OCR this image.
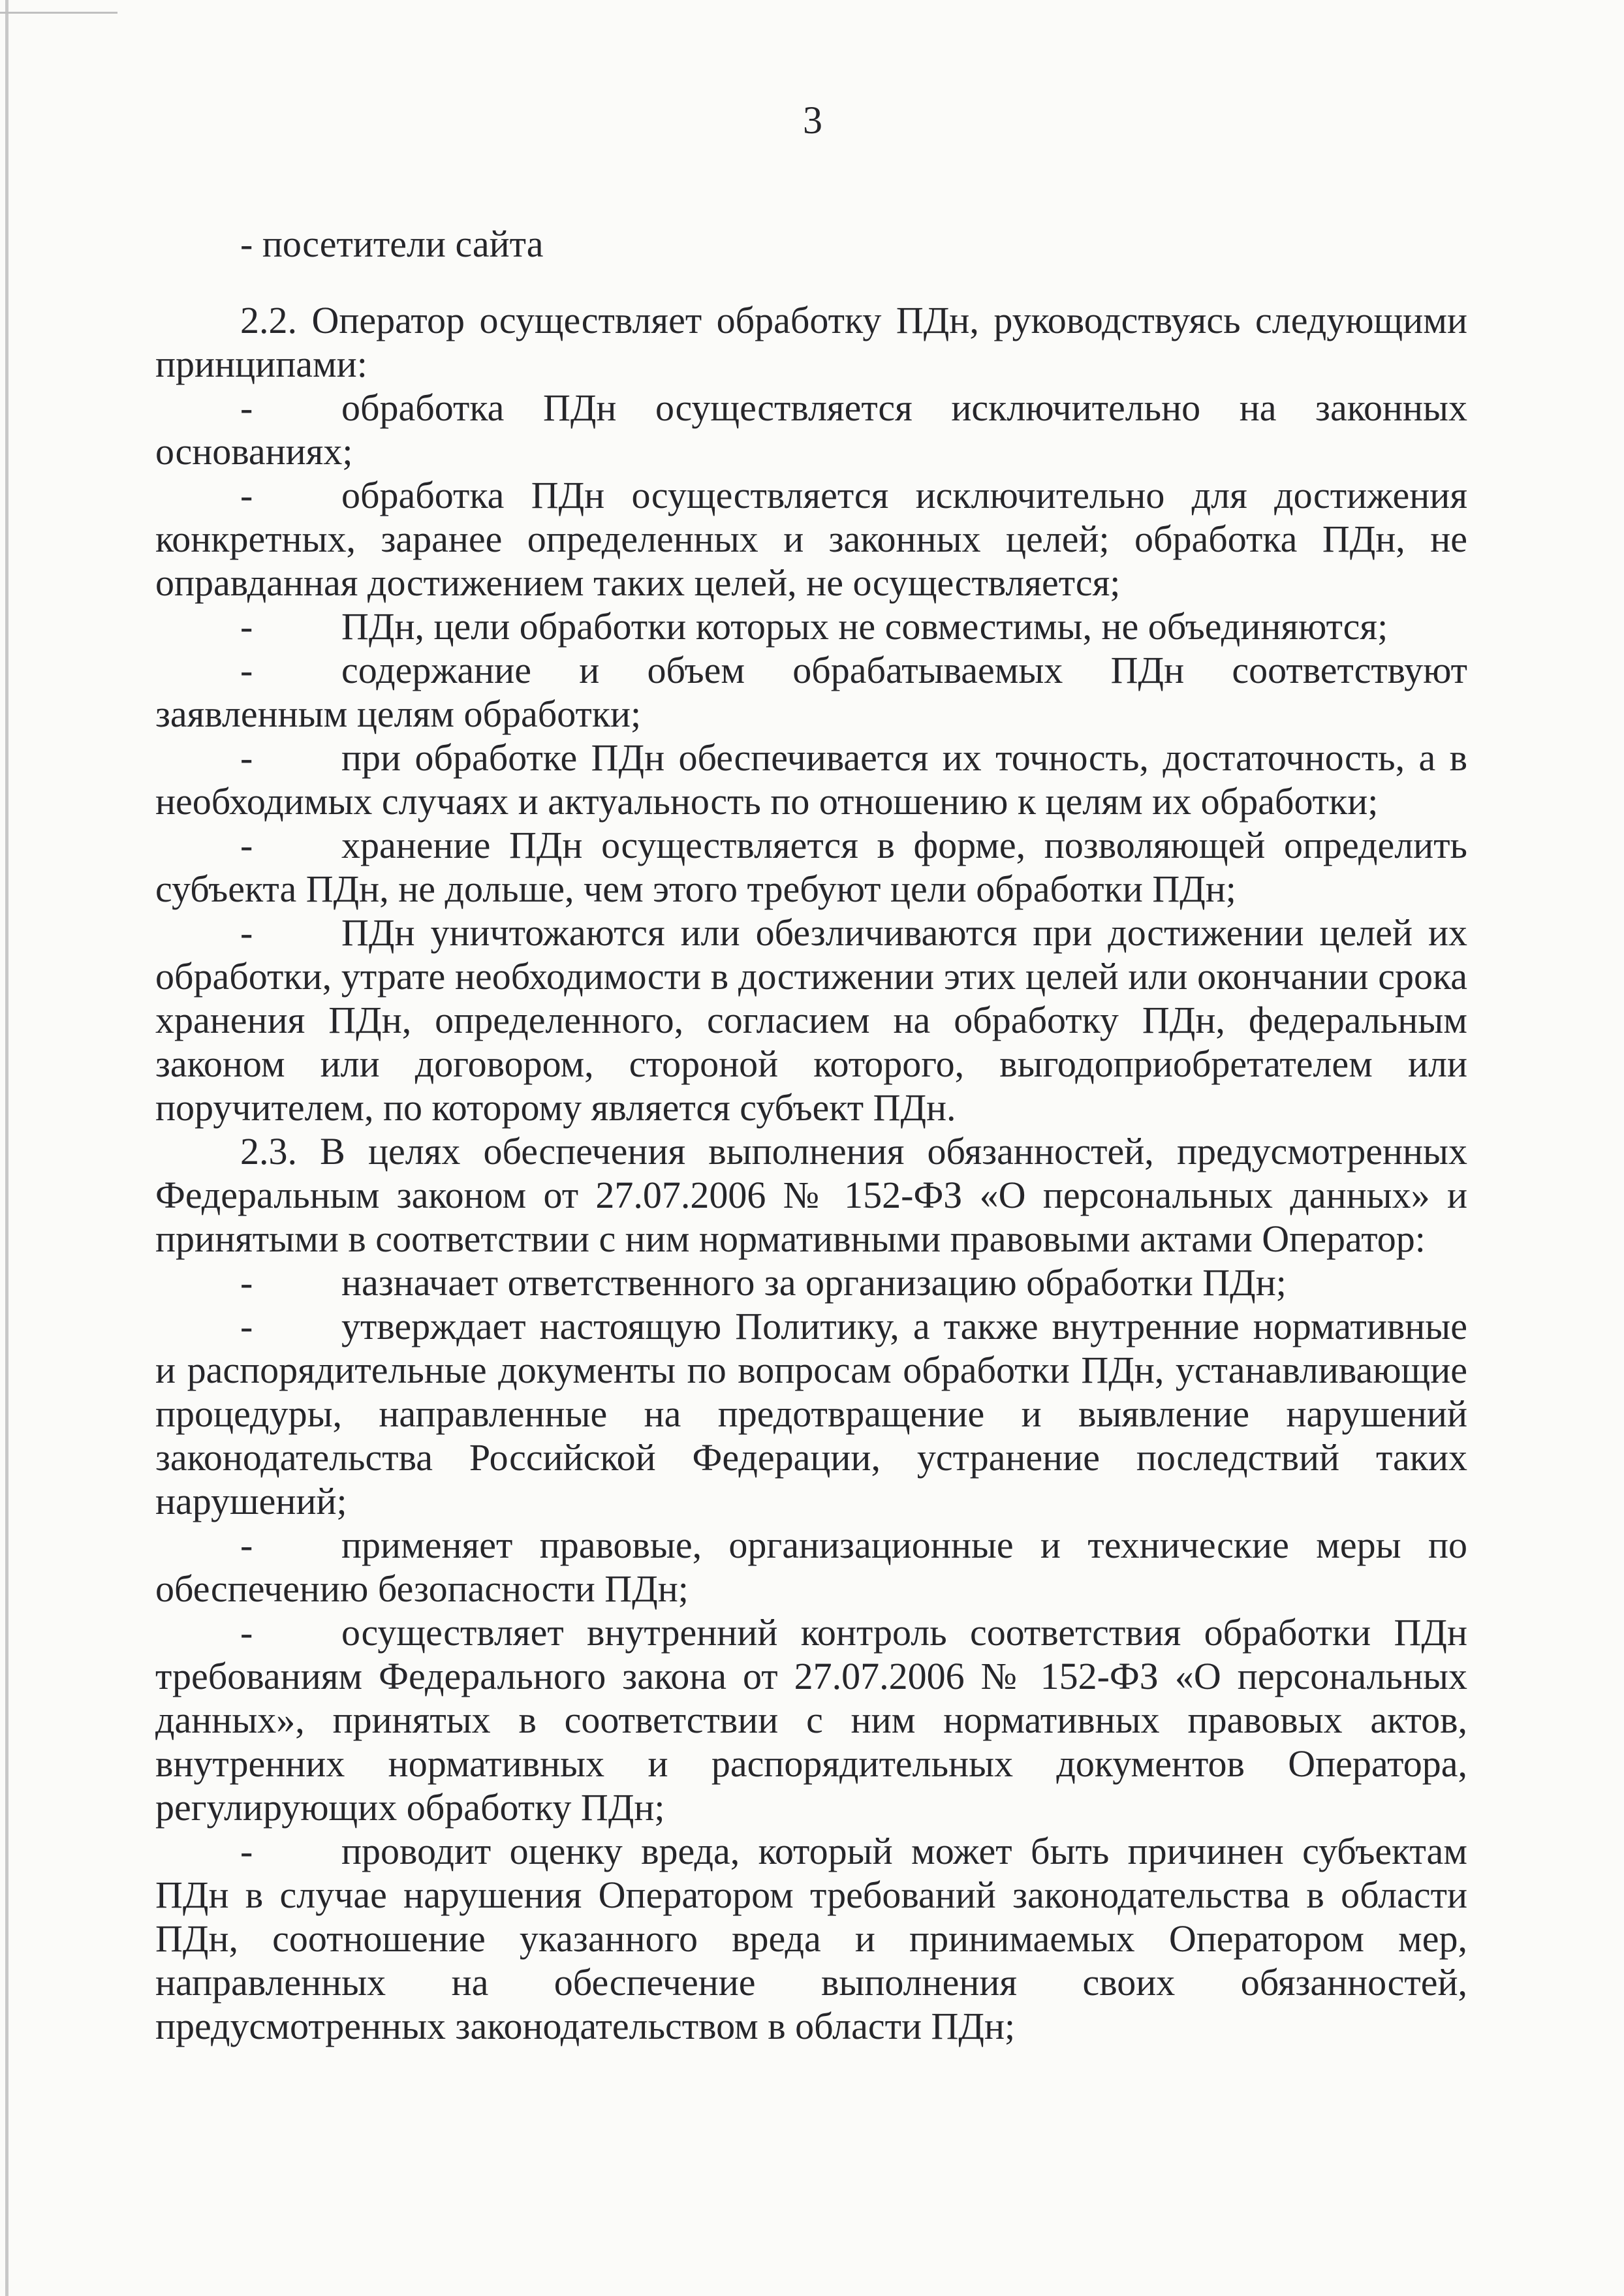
3

- посетители сайта

2.2. Оператор осуществляет обработку ПДн, руководствуясь следующими принципами:

- обработка ПДн осуществляется исключительно на законных основаниях;

- обработка ПДн осуществляется исключительно для достижения конкретных, заранее определенных и законных целей; обработка ПДн, не оправданная достижением таких целей, не осуществляется;

- ПДн, цели обработки которых не совместимы, не объединяются;

- содержание и объем обрабатываемых ПДн соответствуют заявленным целям обработки;

- при обработке ПДн обеспечивается их точность, достаточность, а в необходимых случаях и актуальность по отношению к целям их обработки;

- хранение ПДн осуществляется в форме, позволяющей определить субъекта ПДн, не дольше, чем этого требуют цели обработки ПДн;

- ПДн уничтожаются или обезличиваются при достижении целей их обработки, утрате необходимости в достижении этих целей или окончании срока хранения ПДн, определенного, согласием на обработку ПДн, федеральным законом или договором, стороной которого, выгодоприобретателем или поручителем, по которому является субъект ПДн.

2.3. В целях обеспечения выполнения обязанностей, предусмотренных Федеральным законом от 27.07.2006 № 152-ФЗ «О персональных данных» и принятыми в соответствии с ним нормативными правовыми актами Оператор:

- назначает ответственного за организацию обработки ПДн;

- утверждает настоящую Политику, а также внутренние нормативные и распорядительные документы по вопросам обработки ПДн, устанавливающие процедуры, направленные на предотвращение и выявление нарушений законодательства Российской Федерации, устранение последствий таких нарушений;

- применяет правовые, организационные и технические меры по обеспечению безопасности ПДн;

- осуществляет внутренний контроль соответствия обработки ПДн требованиям Федерального закона от 27.07.2006 № 152-ФЗ «О персональных данных», принятых в соответствии с ним нормативных правовых актов, внутренних нормативных и распорядительных документов Оператора, регулирующих обработку ПДн;

- проводит оценку вреда, который может быть причинен субъектам ПДн в случае нарушения Оператором требований законодательства в области ПДн, соотношение указанного вреда и принимаемых Оператором мер, направленных на обеспечение выполнения своих обязанностей, предусмотренных законодательством в области ПДн;
